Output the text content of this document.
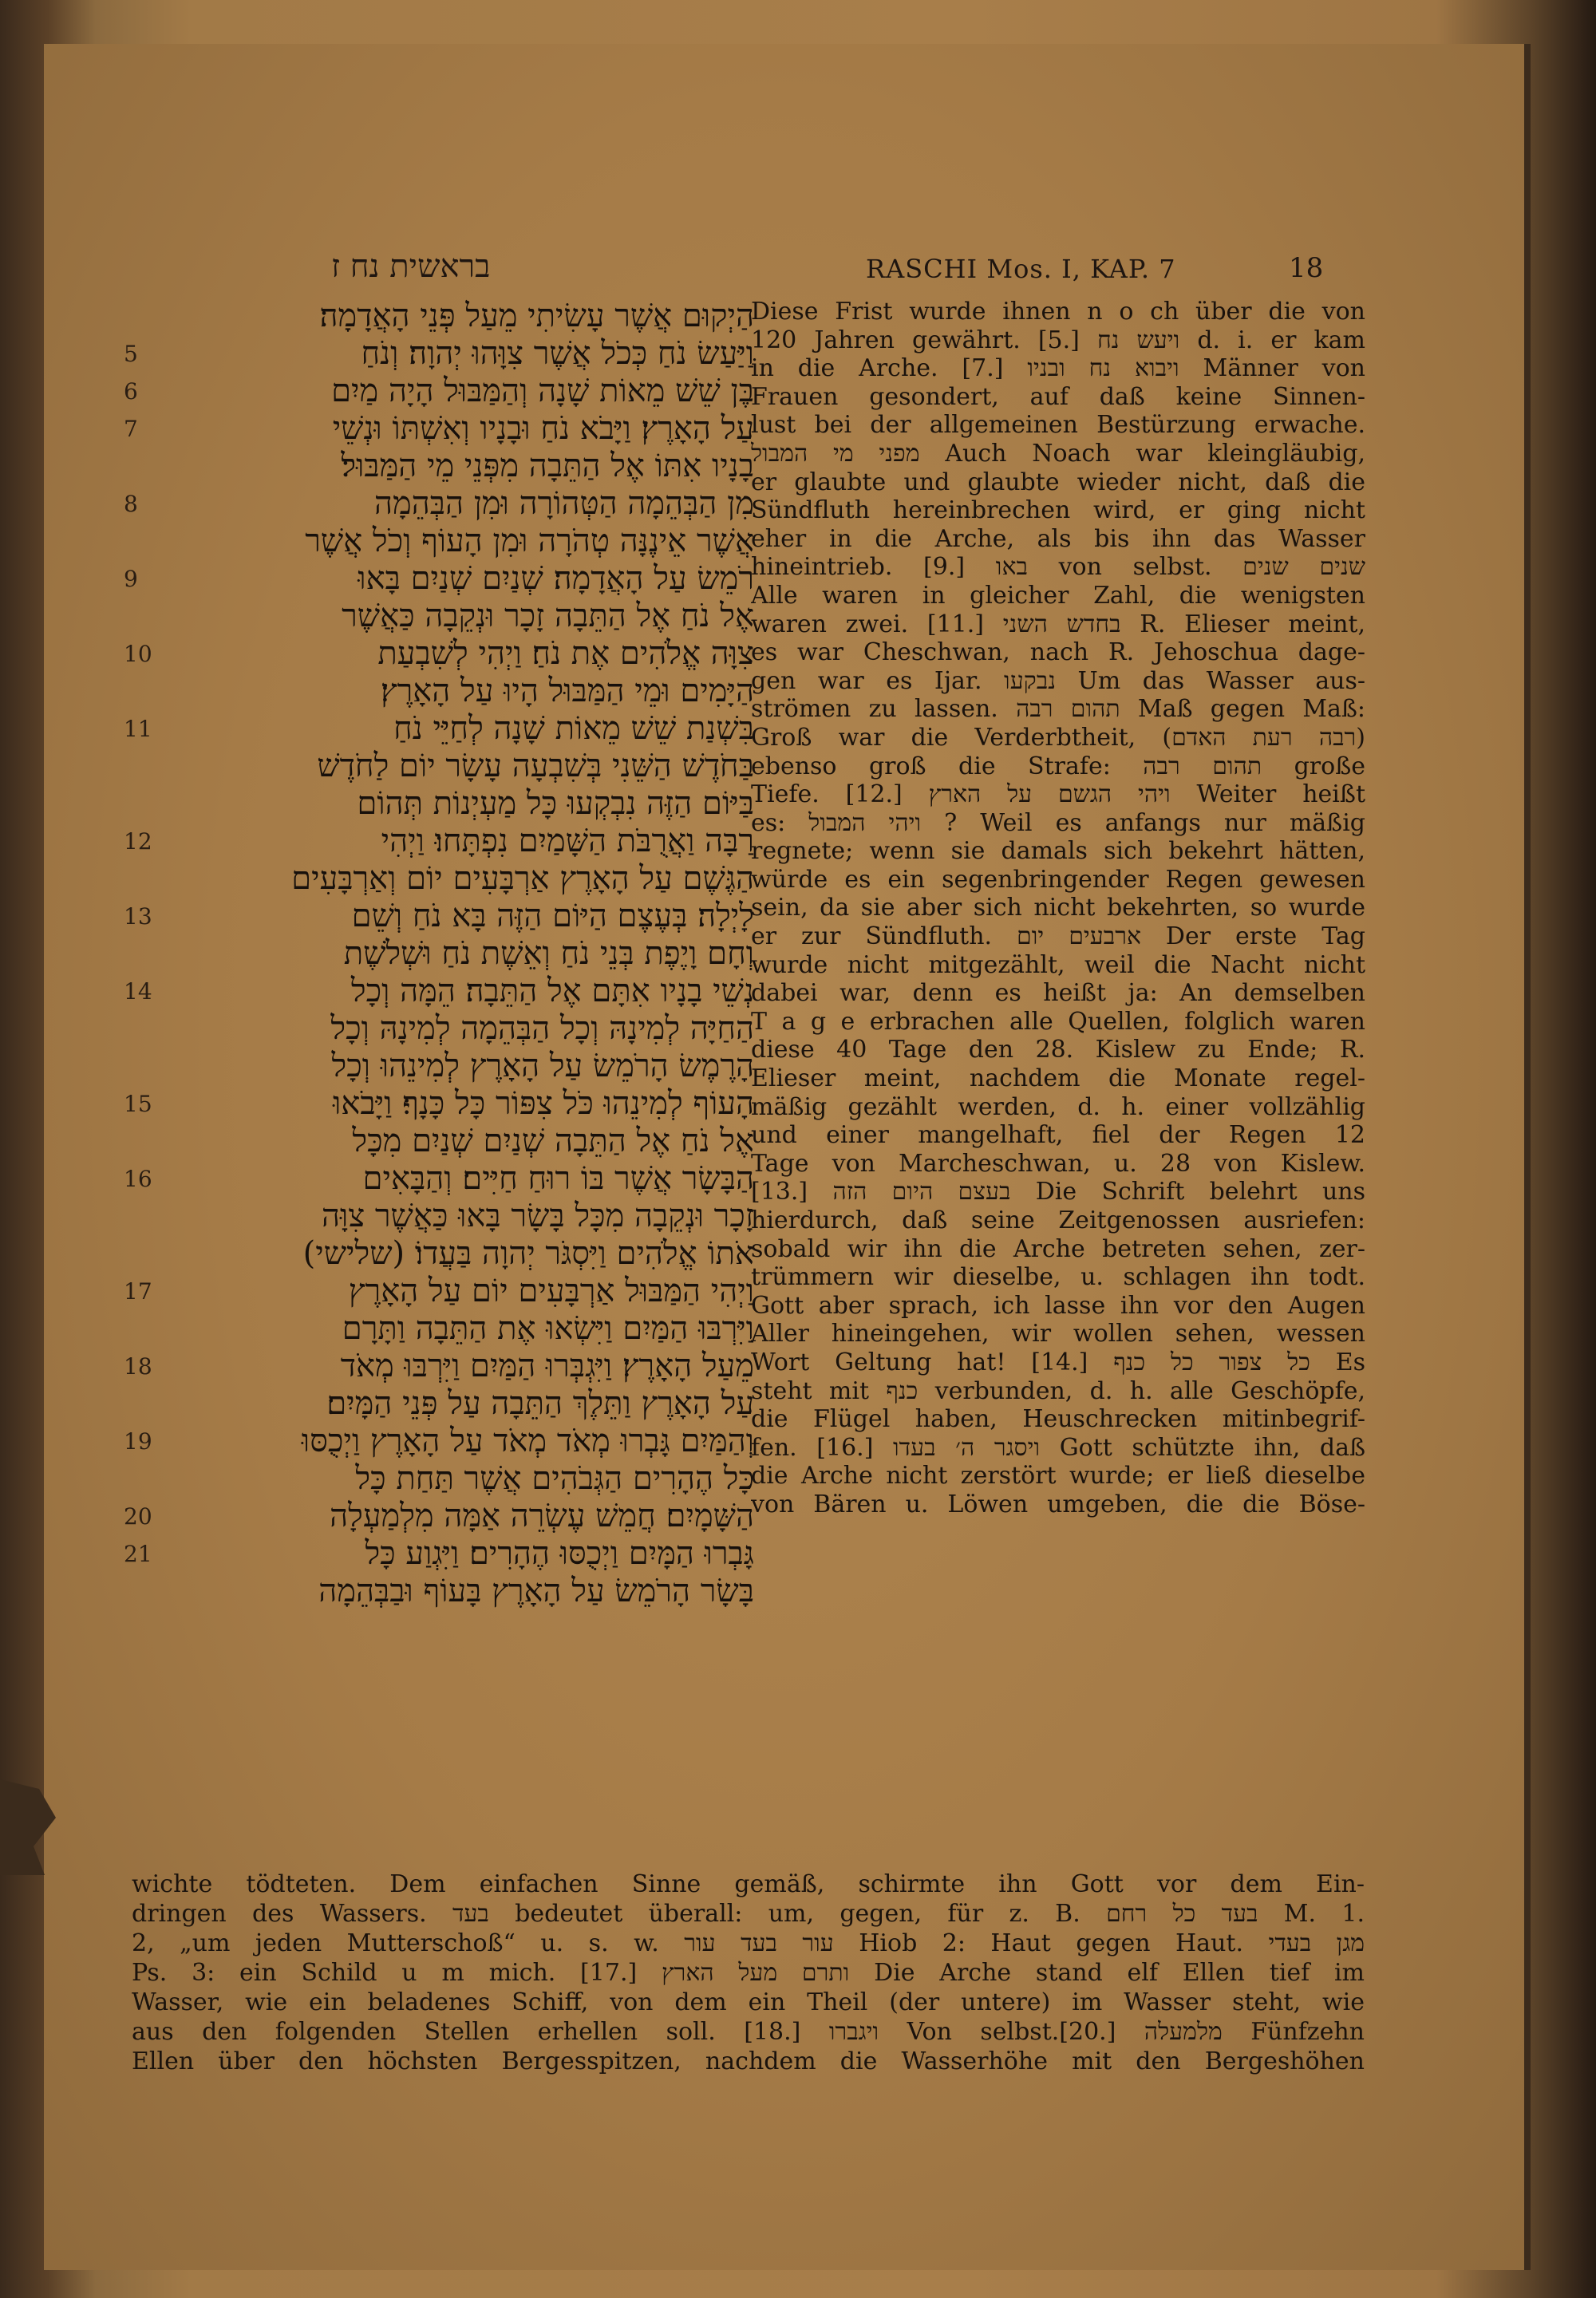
בראשית נח ז	RASCHI Mos. I, KAP. 7	18
הַיְקוּם אֲשֶׁר עָשִׂיתִי מֵעַל פְּנֵי הָאֲדָמָה׃
5	וַיַּעַשׂ נֹחַ כְּכֹל אֲשֶׁר צִוָּהוּ יְהוָה׃ וְנֹחַ
6	בֶּן שֵׁשׁ מֵאוֹת שָׁנָה וְהַמַּבּוּל הָיָה מַיִם
7	עַל הָאָרֶץ׃ וַיָּבֹא נֹחַ וּבָנָיו וְאִשְׁתּוֹ וּנְשֵׁי
בָנָיו אִתּוֹ אֶל הַתֵּבָה מִפְּנֵי מֵי הַמַּבּוּל׃
8	מִן הַבְּהֵמָה הַטְּהוֹרָה וּמִן הַבְּהֵמָה
אֲשֶׁר אֵינֶנָּה טְהֹרָה וּמִן הָעוֹף וְכֹל אֲשֶׁר
9	רֹמֵשׂ עַל הָאֲדָמָה׃ שְׁנַיִם שְׁנַיִם בָּאוּ
אֶל נֹחַ אֶל הַתֵּבָה זָכָר וּנְקֵבָה כַּאֲשֶׁר
10	צִוָּה אֱלֹהִים אֶת נֹחַ׃ וַיְהִי לְשִׁבְעַת
הַיָּמִים וּמֵי הַמַּבּוּל הָיוּ עַל הָאָרֶץ׃
11	בִּשְׁנַת שֵׁשׁ מֵאוֹת שָׁנָה לְחַיֵּי נֹחַ
בַּחֹדֶשׁ הַשֵּׁנִי בְּשִׁבְעָה עָשָׂר יוֹם לַחֹדֶשׁ
בַּיּוֹם הַזֶּה נִבְקְעוּ כָּל מַעְיְנוֹת תְּהוֹם
12	רַבָּה וַאֲרֻבֹּת הַשָּׁמַיִם נִפְתָּחוּ׃ וַיְהִי
הַגֶּשֶׁם עַל הָאָרֶץ אַרְבָּעִים יוֹם וְאַרְבָּעִים
13	לָיְלָה׃ בְּעֶצֶם הַיּוֹם הַזֶּה בָּא נֹחַ וְשֵׁם
וְחָם וָיֶפֶת בְּנֵי נֹחַ וְאֵשֶׁת נֹחַ וּשְׁלֹשֶׁת
14	נְשֵׁי בָנָיו אִתָּם אֶל הַתֵּבָה׃ הֵמָּה וְכָל
הַחַיָּה לְמִינָהּ וְכָל הַבְּהֵמָה לְמִינָהּ וְכָל
הָרֶמֶשׂ הָרֹמֵשׂ עַל הָאָרֶץ לְמִינֵהוּ וְכָל
15	הָעוֹף לְמִינֵהוּ כֹּל צִפּוֹר כָּל כָּנָף׃ וַיָּבֹאוּ
אֶל נֹחַ אֶל הַתֵּבָה שְׁנַיִם שְׁנַיִם מִכָּל
16	הַבָּשָׂר אֲשֶׁר בּוֹ רוּחַ חַיִּים׃ וְהַבָּאִים
זָכָר וּנְקֵבָה מִכָּל בָּשָׂר בָּאוּ כַּאֲשֶׁר צִוָּה
אֹתוֹ אֱלֹהִים וַיִּסְגֹּר יְהוָה בַּעֲדוֹ׃ (שלישי)
17	וַיְהִי הַמַּבּוּל אַרְבָּעִים יוֹם עַל הָאָרֶץ
וַיִּרְבּוּ הַמַּיִם וַיִּשְׂאוּ אֶת הַתֵּבָה וַתָּרָם
18	מֵעַל הָאָרֶץ׃ וַיִּגְבְּרוּ הַמַּיִם וַיִּרְבּוּ מְאֹד
עַל הָאָרֶץ וַתֵּלֶךְ הַתֵּבָה עַל פְּנֵי הַמָּיִם׃
19	וְהַמַּיִם גָּבְרוּ מְאֹד מְאֹד עַל הָאָרֶץ וַיְכֻסּוּ
כָּל הֶהָרִים הַגְּבֹהִים אֲשֶׁר תַּחַת כָּל
20	הַשָּׁמָיִם׃ חֲמֵשׁ עֶשְׂרֵה אַמָּה מִלְמַעְלָה
21	גָּבְרוּ הַמָּיִם וַיְכֻסּוּ הֶהָרִים׃ וַיִּגְוַע כָּל
בָּשָׂר הָרֹמֵשׂ עַל הָאָרֶץ בָּעוֹף וּבַבְּהֵמָה
Diese Frist wurde ihnen n o ch über die von
120 Jahren gewährt. [5.] ויעש נח d. i. er kam
in die Arche. [7.] ויבוא נח ובניו Männer von
Frauen gesondert, auf daß keine Sinnen-
lust bei der allgemeinen Bestürzung erwache.
מפני מי המבול Auch Noach war kleingläubig,
er glaubte und glaubte wieder nicht, daß die
Sündfluth hereinbrechen wird, er ging nicht
eher in die Arche, als bis ihn das Wasser
hineintrieb. [9.] באו von selbst. שנים שנים
Alle waren in gleicher Zahl, die wenigsten
waren zwei. [11.] בחדש השני R. Elieser meint,
es war Cheschwan, nach R. Jehoschua dage-
gen war es Ijar. נבקעו Um das Wasser aus-
strömen zu lassen. תהום רבה Maß gegen Maß:
Groß war die Verderbtheit, (רבה רעת האדם)
ebenso groß die Strafe: תהום רבה große
Tiefe. [12.] ויהי הגשם על הארץ Weiter heißt
es: ויהי המבול ? Weil es anfangs nur mäßig
regnete; wenn sie damals sich bekehrt hätten,
würde es ein segenbringender Regen gewesen
sein, da sie aber sich nicht bekehrten, so wurde
er zur Sündfluth. ארבעים יום Der erste Tag
wurde nicht mitgezählt, weil die Nacht nicht
dabei war, denn es heißt ja: An demselben
T a g e erbrachen alle Quellen, folglich waren
diese 40 Tage den 28. Kislew zu Ende; R.
Elieser meint, nachdem die Monate regel-
mäßig gezählt werden, d. h. einer vollzählig
und einer mangelhaft, fiel der Regen 12
Tage von Marcheschwan, u. 28 von Kislew.
[13.] בעצם היום הזה Die Schrift belehrt uns
hierdurch, daß seine Zeitgenossen ausriefen:
sobald wir ihn die Arche betreten sehen, zer-
trümmern wir dieselbe, u. schlagen ihn todt.
Gott aber sprach, ich lasse ihn vor den Augen
Aller hineingehen, wir wollen sehen, wessen
Wort Geltung hat! [14.] כל צפור כל כנף Es
steht mit כנף verbunden, d. h. alle Geschöpfe,
die Flügel haben, Heuschrecken mitinbegrif-
fen. [16.] ויסגר ה׳ בעדו Gott schützte ihn, daß
die Arche nicht zerstört wurde; er ließ dieselbe
von Bären u. Löwen umgeben, die die Böse-
wichte tödteten. Dem einfachen Sinne gemäß, schirmte ihn Gott vor dem Ein-
dringen des Wassers. בעד bedeutet überall: um, gegen, für z. B. בעד כל רחם M. 1.
2, „um jeden Mutterschoß“ u. s. w. עור בעד עור Hiob 2: Haut gegen Haut. מגן בעדי
Ps. 3: ein Schild u m mich. [17.] ותרם מעל הארץ Die Arche stand elf Ellen tief im
Wasser, wie ein beladenes Schiff, von dem ein Theil (der untere) im Wasser steht, wie
aus den folgenden Stellen erhellen soll. [18.] ויגברו Von selbst.[20.] מלמעלה Fünfzehn
Ellen über den höchsten Bergesspitzen, nachdem die Wasserhöhe mit den Bergeshöhen
